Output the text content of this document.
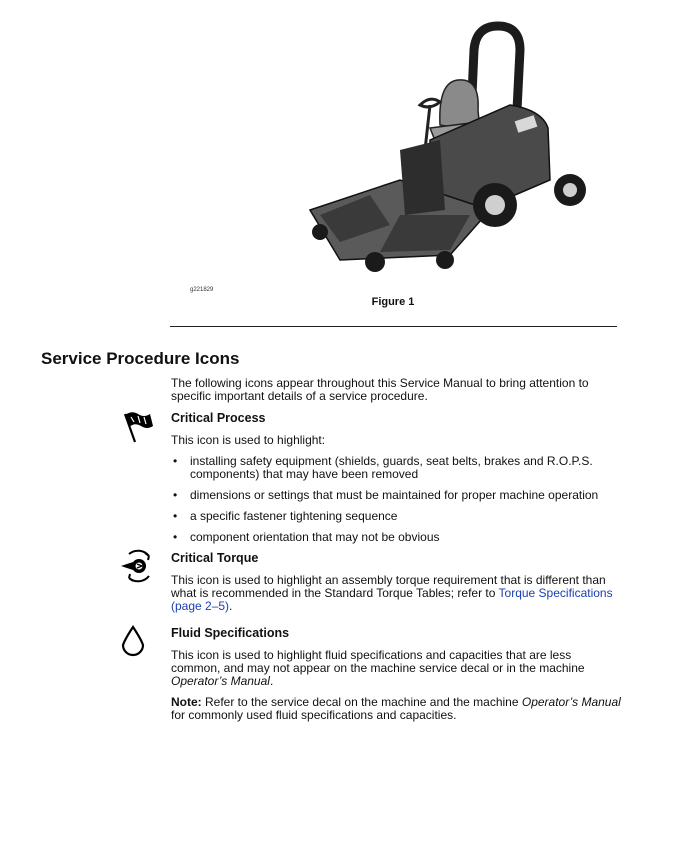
g221829
Figure 1
Service Procedure Icons

The following icons appear throughout this Service Manual to bring attention to specific important details of a service procedure.

Critical Process

This icon is used to highlight:

• installing safety equipment (shields, guards, seat belts, brakes and R.O.P.S. components) that may have been removed
• dimensions or settings that must be maintained for proper machine operation
• a specific fastener tightening sequence
• component orientation that may not be obvious
Critical Torque

This icon is used to highlight an assembly torque requirement that is different than what is recommended in the Standard Torque Tables; refer to Torque Specifications (page 2–5).

Fluid Specifications

This icon is used to highlight fluid specifications and capacities that are less common, and may not appear on the machine service decal or in the machine Operator’s Manual.

Note: Refer to the service decal on the machine and the machine Operator’s Manual for commonly used fluid specifications and capacities.
